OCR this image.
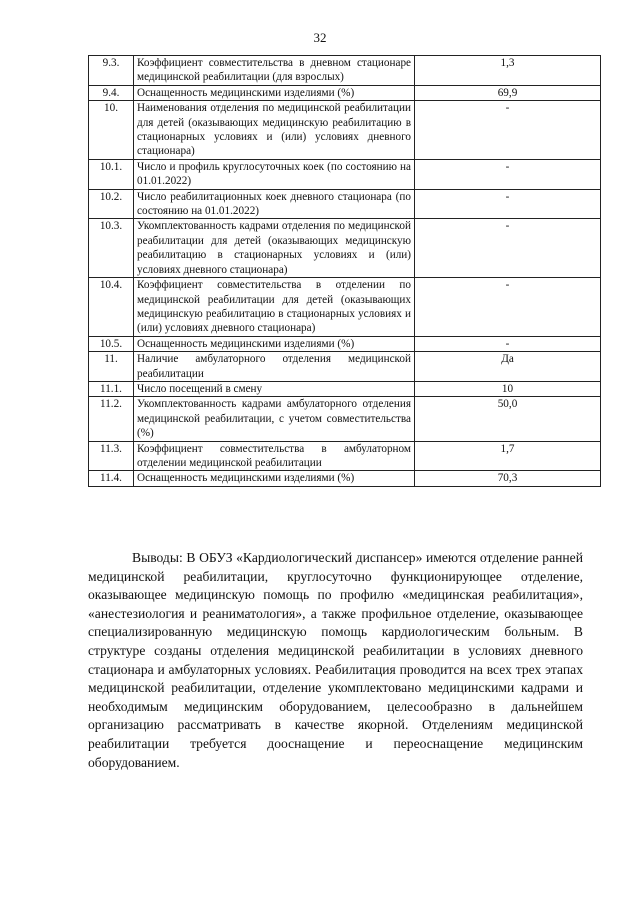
32
9.3.	Коэффициент совместительства в дневном стационаре медицинской реабилитации (для взрослых)	1,3
9.4.	Оснащенность медицинскими изделиями (%)	69,9
10.	Наименования отделения по медицинской реабилитации для детей (оказывающих медицинскую реабилитацию в стационарных условиях и (или) условиях дневного стационара)	-
10.1.	Число и профиль круглосуточных коек (по состоянию на 01.01.2022)	-
10.2.	Число реабилитационных коек дневного стационара (по состоянию на 01.01.2022)	-
10.3.	Укомплектованность кадрами отделения по медицинской реабилитации для детей (оказывающих медицинскую реабилитацию в стационарных условиях и (или) условиях дневного стационара)	-
10.4.	Коэффициент совместительства в отделении по медицинской реабилитации для детей (оказывающих медицинскую реабилитацию в стационарных условиях и (или) условиях дневного стационара)	-
10.5.	Оснащенность медицинскими изделиями (%)	-
11.	Наличие амбулаторного отделения медицинской реабилитации	Да
11.1.	Число посещений в смену	10
11.2.	Укомплектованность кадрами амбулаторного отделения медицинской реабилитации, с учетом совместительства (%)	50,0
11.3.	Коэффициент совместительства в амбулаторном отделении медицинской реабилитации	1,7
11.4.	Оснащенность медицинскими изделиями (%)	70,3

Выводы: В ОБУЗ «Кардиологический диспансер» имеются отделение ранней медицинской реабилитации, круглосуточно функционирующее отделение, оказывающее медицинскую помощь по профилю «медицинская реабилитация», «анестезиология и реаниматология», а также профильное отделение, оказывающее специализированную медицинскую помощь кардиологическим больным. В структуре созданы отделения медицинской реабилитации в условиях дневного стационара и амбулаторных условиях. Реабилитация проводится на всех трех этапах медицинской реабилитации, отделение укомплектовано медицинскими кадрами и необходимым медицинским оборудованием, целесообразно в дальнейшем организацию рассматривать в качестве якорной. Отделениям медицинской реабилитации требуется дооснащение и переоснащение медицинским оборудованием.
